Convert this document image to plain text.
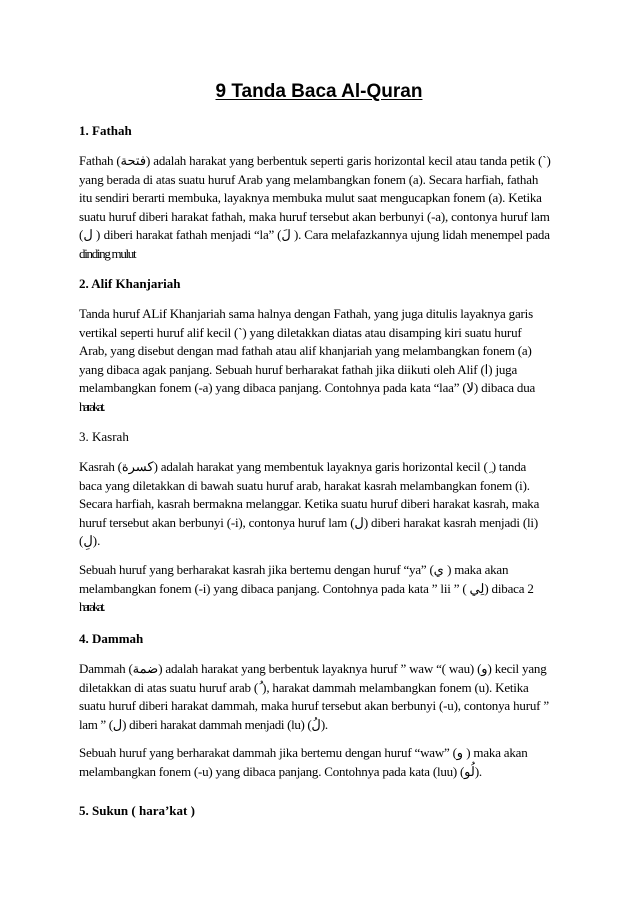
9 Tanda Baca Al-Quran
1. Fathah
Fathah (فتحة) adalah harakat yang berbentuk seperti garis horizontal kecil atau tanda petik (`)
yang berada di atas suatu huruf Arab yang melambangkan fonem (a). Secara harfiah, fathah
itu sendiri berarti membuka, layaknya membuka mulut saat mengucapkan fonem (a). Ketika
suatu huruf diberi harakat fathah, maka huruf tersebut akan berbunyi (-a), contonya huruf lam
(ل ) diberi harakat fathah menjadi “la” (لَ ). Cara melafazkannya ujung lidah menempel pada
dinding mulut
2. Alif Khanjariah
Tanda huruf ALif Khanjariah sama halnya dengan Fathah, yang juga ditulis layaknya garis
vertikal seperti huruf alif kecil (`) yang diletakkan diatas atau disamping kiri suatu huruf
Arab, yang disebut dengan mad fathah atau alif khanjariah yang melambangkan fonem (a)
yang dibaca agak panjang. Sebuah huruf berharakat fathah jika diikuti oleh Alif (ا) juga
melambangkan fonem (-a) yang dibaca panjang. Contohnya pada kata “laa” (لا) dibaca dua
harakat.
3. Kasrah
Kasrah (كسرة) adalah harakat yang membentuk layaknya garis horizontal kecil ( ِ) tanda
baca yang diletakkan di bawah suatu huruf arab, harakat kasrah melambangkan fonem (i).
Secara harfiah, kasrah bermakna melanggar. Ketika suatu huruf diberi harakat kasrah, maka
huruf tersebut akan berbunyi (-i), contonya huruf lam (ل) diberi harakat kasrah menjadi (li)
(لِ).
Sebuah huruf yang berharakat kasrah jika bertemu dengan huruf “ya” (ي ) maka akan
melambangkan fonem (-i) yang dibaca panjang. Contohnya pada kata ” lii ” ( لِي) dibaca 2
harakat.
4. Dammah
Dammah (ضمة) adalah harakat yang berbentuk layaknya huruf ” waw “( wau) (و) kecil yang
diletakkan di atas suatu huruf arab ( ُ), harakat dammah melambangkan fonem (u). Ketika
suatu huruf diberi harakat dammah, maka huruf tersebut akan berbunyi (-u), contonya huruf ”
lam ” (ل) diberi harakat dammah menjadi (lu) (لُ).
Sebuah huruf yang berharakat dammah jika bertemu dengan huruf “waw” (و ) maka akan
melambangkan fonem (-u) yang dibaca panjang. Contohnya pada kata (luu) (لُو).
5. Sukun ( hara’kat )
